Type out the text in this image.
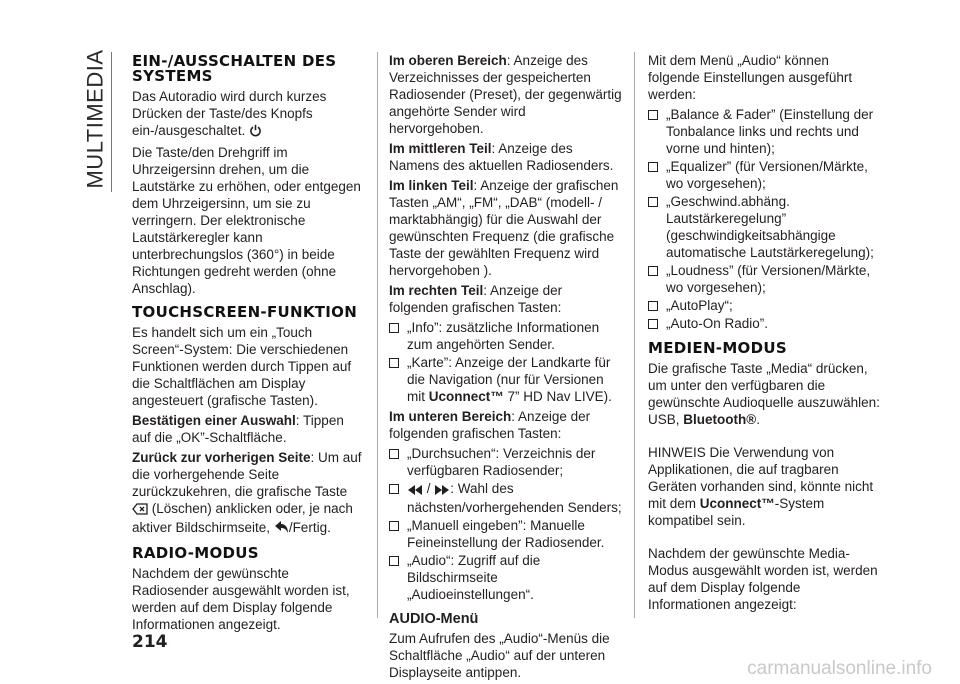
MULTIMEDIA EIN-/AUSSCHALTEN DES SYSTEMS

Das Autoradio wird durch kurzes Drücken der Taste/des Knopfs ein-/ausgeschaltet.

Die Taste/den Drehgriff im Uhrzeigersinn drehen, um die Lautstärke zu erhöhen, oder entgegen dem Uhrzeigersinn, um sie zu verringern. Der elektronische Lautstärkeregler kann unterbrechungslos (360°) in beide Richtungen gedreht werden (ohne Anschlag).

TOUCHSCREEN-FUNKTION

Es handelt sich um ein „Touch Screen“-System: Die verschiedenen Funktionen werden durch Tippen auf die Schaltflächen am Display angesteuert (grafische Tasten).

Bestätigen einer Auswahl: Tippen auf die „OK”-Schaltfläche.

Zurück zur vorherigen Seite: Um auf die vorhergehende Seite zurückzukehren, die grafische Taste  (Löschen) anklicken oder, je nach aktiver Bildschirmseite, /Fertig.

RADIO-MODUS

Nachdem der gewünschte Radiosender ausgewählt worden ist, werden auf dem Display folgende Informationen angezeigt.

Im oberen Bereich: Anzeige des Verzeichnisses der gespeicherten Radiosender (Preset), der gegenwärtig angehörte Sender wird hervorgehoben.

Im mittleren Teil: Anzeige des Namens des aktuellen Radiosenders.

Im linken Teil: Anzeige der grafischen Tasten „AM“, „FM“, „DAB“ (modell- / marktabhängig) für die Auswahl der gewünschten Frequenz (die grafische Taste der gewählten Frequenz wird hervorgehoben ).

Im rechten Teil: Anzeige der folgenden grafischen Tasten:

„Info”: zusätzliche Informationen zum angehörten Sender.
„Karte”: Anzeige der Landkarte für die Navigation (nur für Versionen mit Uconnect™ 7” HD Nav LIVE).

Im unteren Bereich: Anzeige der folgenden grafischen Tasten:

„Durchsuchen“: Verzeichnis der verfügbaren Radiosender;
/ : Wahl des nächsten/vorhergehenden Senders;
„Manuell eingeben”: Manuelle Feineinstellung der Radiosender.
„Audio“: Zugriff auf die Bildschirmseite „Audioeinstellungen“.
AUDIO-Menü

Zum Aufrufen des „Audio“-Menüs die Schaltfläche „Audio“ auf der unteren Displayseite antippen.

Mit dem Menü „Audio“ können folgende Einstellungen ausgeführt werden:

„Balance & Fader” (Einstellung der Tonbalance links und rechts und vorne und hinten);
„Equalizer” (für Versionen/Märkte, wo vorgesehen);
„Geschwind.abhäng. Lautstärkeregelung” (geschwindigkeitsabhängige automatische Lautstärkeregelung);
„Loudness” (für Versionen/Märkte, wo vorgesehen);
„AutoPlay“;
„Auto-On Radio”.
MEDIEN-MODUS

Die grafische Taste „Media“ drücken, um unter den verfügbaren die gewünschte Audioquelle auszuwählen: USB, Bluetooth®.

HINWEIS Die Verwendung von Applikationen, die auf tragbaren Geräten vorhanden sind, könnte nicht mit dem Uconnect™-System kompatibel sein.

Nachdem der gewünschte Media-Modus ausgewählt worden ist, werden auf dem Display folgende Informationen angezeigt:

214
carmanualsonline.info
